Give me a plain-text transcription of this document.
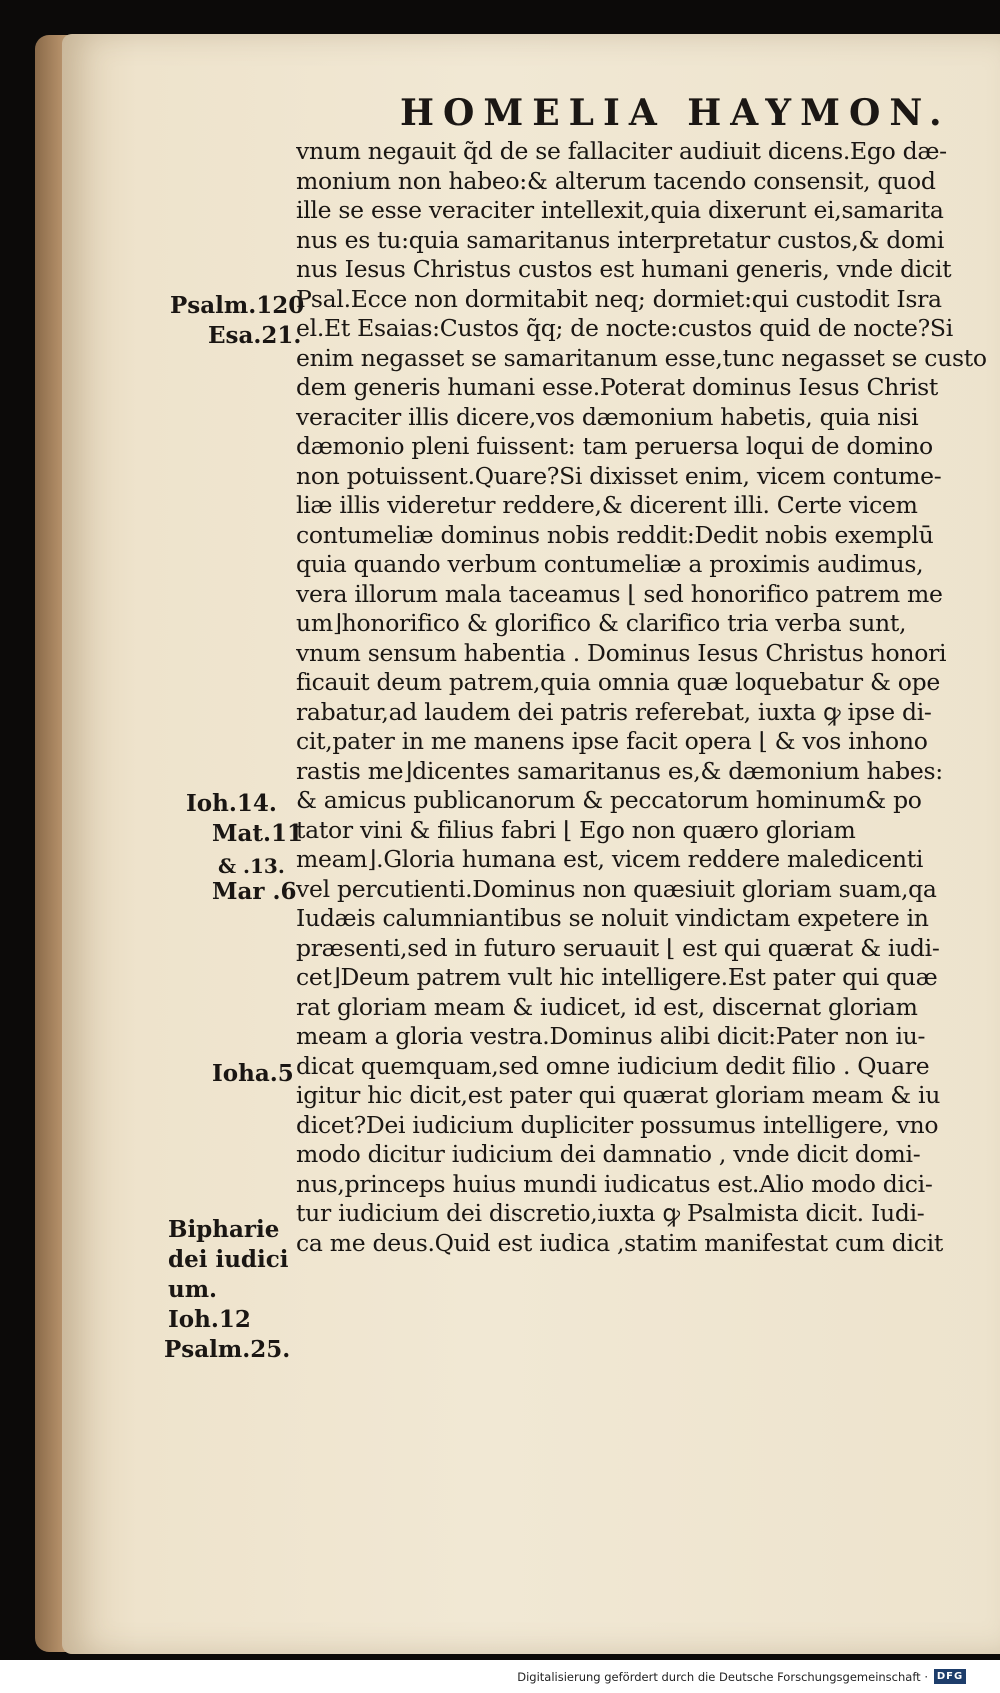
HOMELIA HAYMON.
vnum negauit q̃d de se fallaciter audiuit dicens.Ego dæ-
monium non habeo:& alterum tacendo consensit, quod
ille se esse veraciter intellexit,quia dixerunt ei,samarita
nus es tu:quia samaritanus interpretatur custos,& domi
nus Iesus Christus custos est humani generis, vnde dicit
Psal.Ecce non dormitabit neq; dormiet:qui custodit Isra
el.Et Esaias:Custos q̃q; de nocte:custos quid de nocte?Si
enim negasset se samaritanum esse,tunc negasset se custo
dem generis humani esse.Poterat dominus Iesus Christ
veraciter illis dicere,vos dæmonium habetis, quia nisi
dæmonio pleni fuissent: tam peruersa loqui de domino
non potuissent.Quare?Si dixisset enim, vicem contume-
liæ illis videretur reddere,& dicerent illi. Certe vicem
contumeliæ dominus nobis reddit:Dedit nobis exemplū
quia quando verbum contumeliæ a proximis audimus,
vera illorum mala taceamus ⌊ sed honorifico patrem me
um⌋honorifico & glorifico & clarifico tria verba sunt,
vnum sensum habentia . Dominus Iesus Christus honori
ficauit deum patrem,quia omnia quæ loquebatur & ope
rabatur,ad laudem dei patris referebat, iuxta ꝙ ipse di-
cit,pater in me manens ipse facit opera ⌊ & vos inhono
rastis me⌋dicentes samaritanus es,& dæmonium habes:
& amicus publicanorum & peccatorum hominum& po
tator vini & filius fabri ⌊ Ego non quæro gloriam
meam⌋.Gloria humana est, vicem reddere maledicenti
vel percutienti.Dominus non quæsiuit gloriam suam,qa
Iudæis calumniantibus se noluit vindictam expetere in
præsenti,sed in futuro seruauit ⌊ est qui quærat & iudi-
cet⌋Deum patrem vult hic intelligere.Est pater qui quæ
rat gloriam meam & iudicet, id est, discernat gloriam
meam a gloria vestra.Dominus alibi dicit:Pater non iu-
dicat quemquam,sed omne iudicium dedit filio . Quare
igitur hic dicit,est pater qui quærat gloriam meam & iu
dicet?Dei iudicium dupliciter possumus intelligere, vno
modo dicitur iudicium dei damnatio , vnde dicit domi-
nus,princeps huius mundi iudicatus est.Alio modo dici-
tur iudicium dei discretio,iuxta ꝙ Psalmista dicit. Iudi-
ca me deus.Quid est iudica ,statim manifestat cum dicit
Psalm.120
Esa.21.
Ioh.14.
Mat.11
& .13.
Mar .6
Ioha.5
Bipharie
dei iudici
um.
Ioh.12
Psalm.25.
Digitalisierung gefördert durch die Deutsche Forschungsgemeinschaft · DFG
